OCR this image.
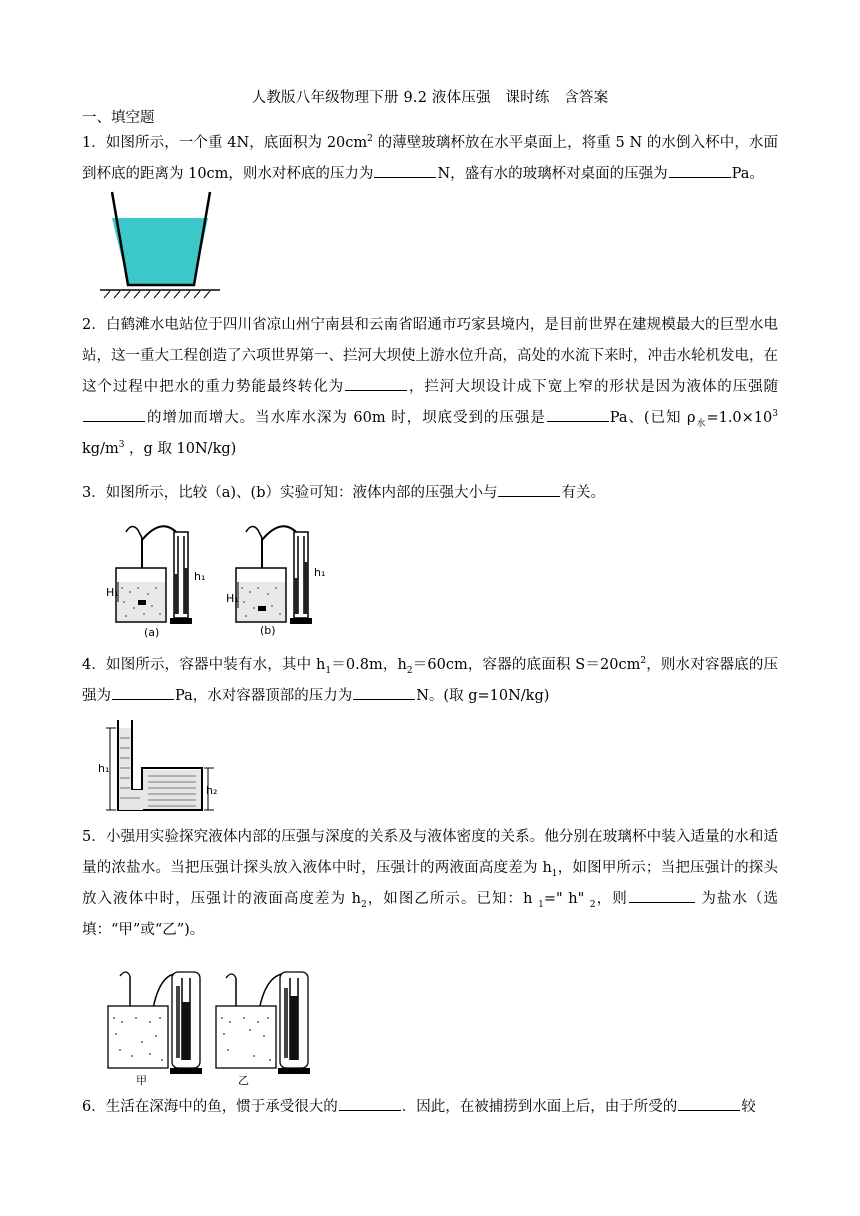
人教版八年级物理下册 9.2 液体压强　课时练　含答案
一、填空题
1．如图所示，一个重 4N，底面积为 $20cm^2$ 的薄壁玻璃杯放在水平桌面上，将重 5 N 的水倒入杯中，水面到杯底的距离为 10cm，则水对杯底的压力为	N，盛有水的玻璃杯对桌面的压强为	Pa。
2．白鹤滩水电站位于四川省凉山州宁南县和云南省昭通市巧家县境内，是目前世界在建规模最大的巨型水电站，这一重大工程创造了六项世界第一、拦河大坝使上游水位升高，高处的水流下来时，冲击水轮机发电，在这个过程中把水的重力势能最终转化为	，拦河大坝设计成下宽上窄的形状是因为液体的压强随的增加而增大。当水库水深为 60m 时，坝底受到的压强是	Pa、(已知 $\rho_水=1.0\times 10^3$ $kg/m^3$ ，g 取 10N/kg)
3．如图所示，比较（a)、(b）实验可知：液体内部的压强大小与	有关。
H₁
h₁
(a)
H₁
h₁
(b)
4．如图所示，容器中装有水，其中 $h_1=0.8m$，$h_2=60cm$，容器的底面积 $S=20cm^2$，则水对容器底的压强为	Pa，水对容器顶部的压力为	N。(取 g=10N/kg)
h₁
h₂
5．小强用实验探究液体内部的压强与深度的关系及与液体密度的关系。他分别在玻璃杯中装入适量的水和适量的浓盐水。当把压强计探头放入液体中时，压强计的两液面高度差为 $h_1$，如图甲所示；当把压强计的探头放入液体中时，压强计的液面高度差为 $h_2$，如图乙所示。已知：h $_1$=" h" $_2$，则	为盐水（选填：“甲”或“乙”)。
甲	乙
6．生活在深海中的鱼，惯于承受很大的	．因此，在被捕捞到水面上后，由于所受的	较
